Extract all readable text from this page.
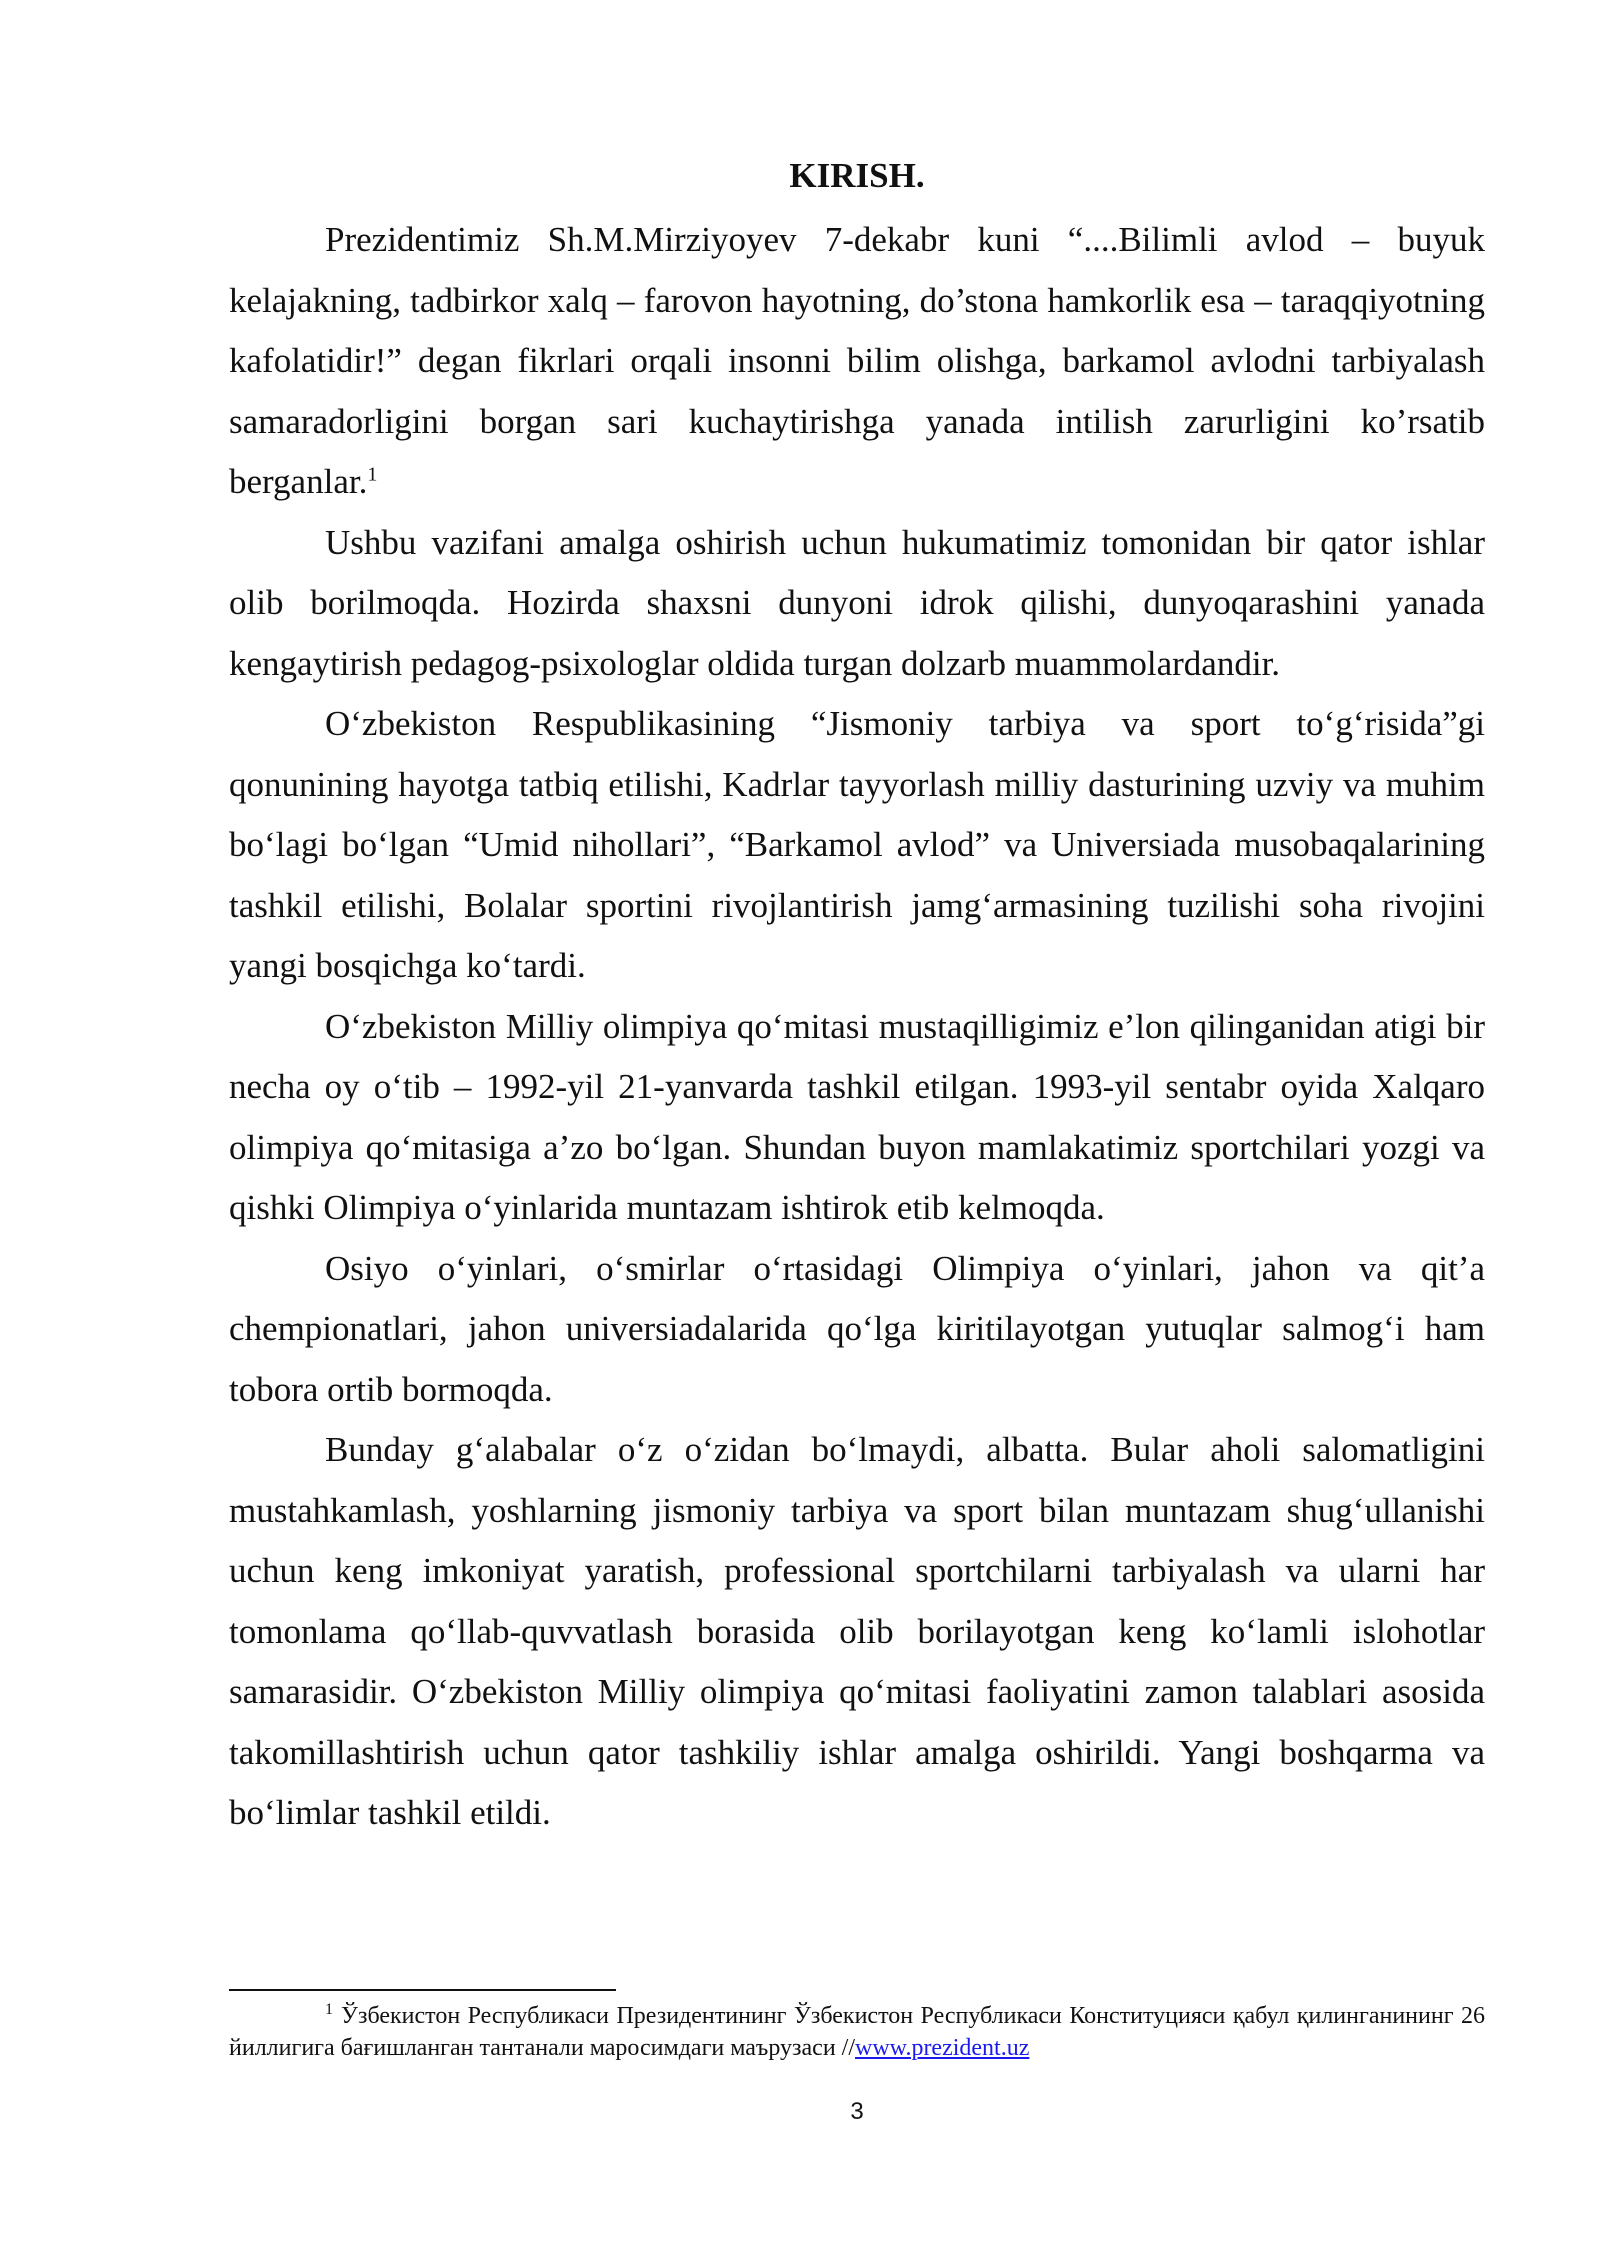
KIRISH.

Prezidentimiz Sh.M.Mirziyoyev 7-dekabr kuni “....Bilimli avlod – buyuk kelajakning, tadbirkor xalq – farovon hayotning, do’stona hamkorlik esa – taraqqiyotning kafolatidir!” degan fikrlari orqali insonni bilim olishga, barkamol avlodni tarbiyalash samaradorligini borgan sari kuchaytirishga yanada intilish zarurligini ko’rsatib berganlar.$^1$

Ushbu vazifani amalga oshirish uchun hukumatimiz tomonidan bir qator ishlar olib borilmoqda. Hozirda shaxsni dunyoni idrok qilishi, dunyoqarashini yanada kengaytirish pedagog-psixologlar oldida turgan dolzarb muammolardandir.

O‘zbekiston Respublikasining “Jismoniy tarbiya va sport to‘g‘risida”gi qonunining hayotga tatbiq etilishi, Kadrlar tayyorlash milliy dasturining uzviy va muhim bo‘lagi bo‘lgan “Umid nihollari”, “Barkamol avlod” va Universiada musobaqalarining tashkil etilishi, Bolalar sportini rivojlantirish jamg‘armasining tuzilishi soha rivojini yangi bosqichga ko‘tardi.

O‘zbekiston Milliy olimpiya qo‘mitasi mustaqilligimiz e’lon qilinganidan atigi bir necha oy o‘tib – 1992-yil 21-yanvarda tashkil etilgan. 1993-yil sentabr oyida Xalqaro olimpiya qo‘mitasiga a’zo bo‘lgan. Shundan buyon mamlakatimiz sportchilari yozgi va qishki Olimpiya o‘yinlarida muntazam ishtirok etib kelmoqda.

Osiyo o‘yinlari, o‘smirlar o‘rtasidagi Olimpiya o‘yinlari, jahon va qit’a chempionatlari, jahon universiadalarida qo‘lga kiritilayotgan yutuqlar salmog‘i ham tobora ortib bormoqda.

Bunday g‘alabalar o‘z o‘zidan bo‘lmaydi, albatta. Bular aholi salomatligini mustahkamlash, yoshlarning jismoniy tarbiya va sport bilan muntazam shug‘ullanishi uchun keng imkoniyat yaratish, professional sportchilarni tarbiyalash va ularni har tomonlama qo‘llab-quvvatlash borasida olib borilayotgan keng ko‘lamli islohotlar samarasidir. O‘zbekiston Milliy olimpiya qo‘mitasi faoliyatini zamon talablari asosida takomillashtirish uchun qator tashkiliy ishlar amalga oshirildi. Yangi boshqarma va bo‘limlar tashkil etildi.

$^1$ Ўзбекистон Республикаси Президентининг Ўзбекистон Республикаси Конституцияси қабул қилинганининг 26 йиллигига бағишланган тантанали маросимдаги маърузаси //www.prezident.uz

3
